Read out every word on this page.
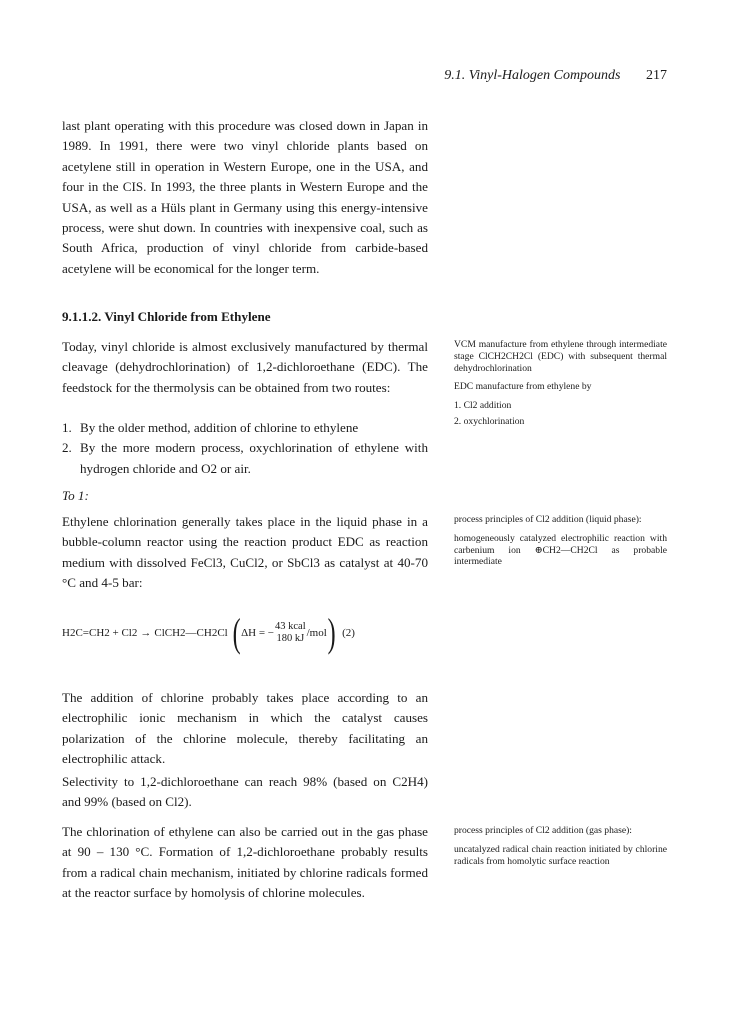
9.1. Vinyl-Halogen Compounds 217

last plant operating with this procedure was closed down in Japan in 1989. In 1991, there were two vinyl chloride plants based on acetylene still in operation in Western Europe, one in the USA, and four in the CIS. In 1993, the three plants in Western Europe and the USA, as well as a Hüls plant in Germany using this energy-intensive process, were shut down. In countries with inexpensive coal, such as South Africa, production of vinyl chloride from carbide-based acetylene will be economical for the longer term.

9.1.1.2. Vinyl Chloride from Ethylene

Today, vinyl chloride is almost exclusively manufactured by thermal cleavage (dehydrochlorination) of 1,2-dichloroethane (EDC). The feedstock for the thermolysis can be obtained from two routes:

1. By the older method, addition of chlorine to ethylene
2. By the more modern process, oxychlorination of ethylene with hydrogen chloride and O2 or air.
To 1:

Ethylene chlorination generally takes place in the liquid phase in a bubble-column reactor using the reaction product EDC as reaction medium with dissolved FeCl3, CuCl2, or SbCl3 as catalyst at 40-70 °C and 4-5 bar:

H2C=CH2 + Cl2 → ClCH2—CH2Cl ( ΔH = −
43 kcal
180 kJ /mol ) (2)

The addition of chlorine probably takes place according to an electrophilic ionic mechanism in which the catalyst causes polarization of the chlorine molecule, thereby facilitating an electrophilic attack.

Selectivity to 1,2-dichloroethane can reach 98% (based on C2H4) and 99% (based on Cl2).

The chlorination of ethylene can also be carried out in the gas phase at 90 – 130 °C. Formation of 1,2-dichloroethane probably results from a radical chain mechanism, initiated by chlorine radicals formed at the reactor surface by homolysis of chlorine molecules.

VCM manufacture from ethylene through intermediate stage ClCH2CH2Cl (EDC) with subsequent thermal dehydrochlorination

EDC manufacture from ethylene by

1. Cl2 addition

2. oxychlorination

process principles of Cl2 addition (liquid phase):

homogeneously catalyzed electrophilic reaction with carbenium ion ⊕CH2—CH2Cl as probable intermediate

process principles of Cl2 addition (gas phase):

uncatalyzed radical chain reaction initiated by chlorine radicals from homolytic surface reaction
